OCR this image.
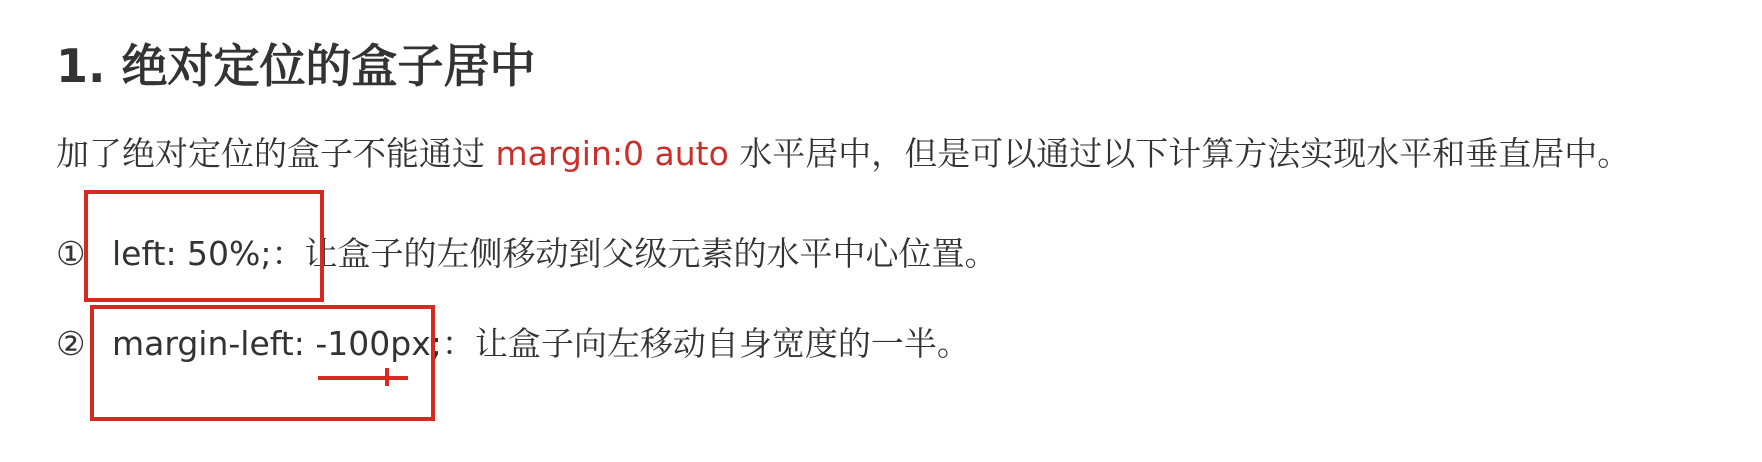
1. 绝对定位的盒子居中
加了绝对定位的盒子不能通过 margin:0 auto 水平居中，但是可以通过以下计算方法实现水平和垂直居中。
① left: 50%;：让盒子的左侧移动到父级元素的水平中心位置。
② margin-left: -100px;：让盒子向左移动自身宽度的一半。
